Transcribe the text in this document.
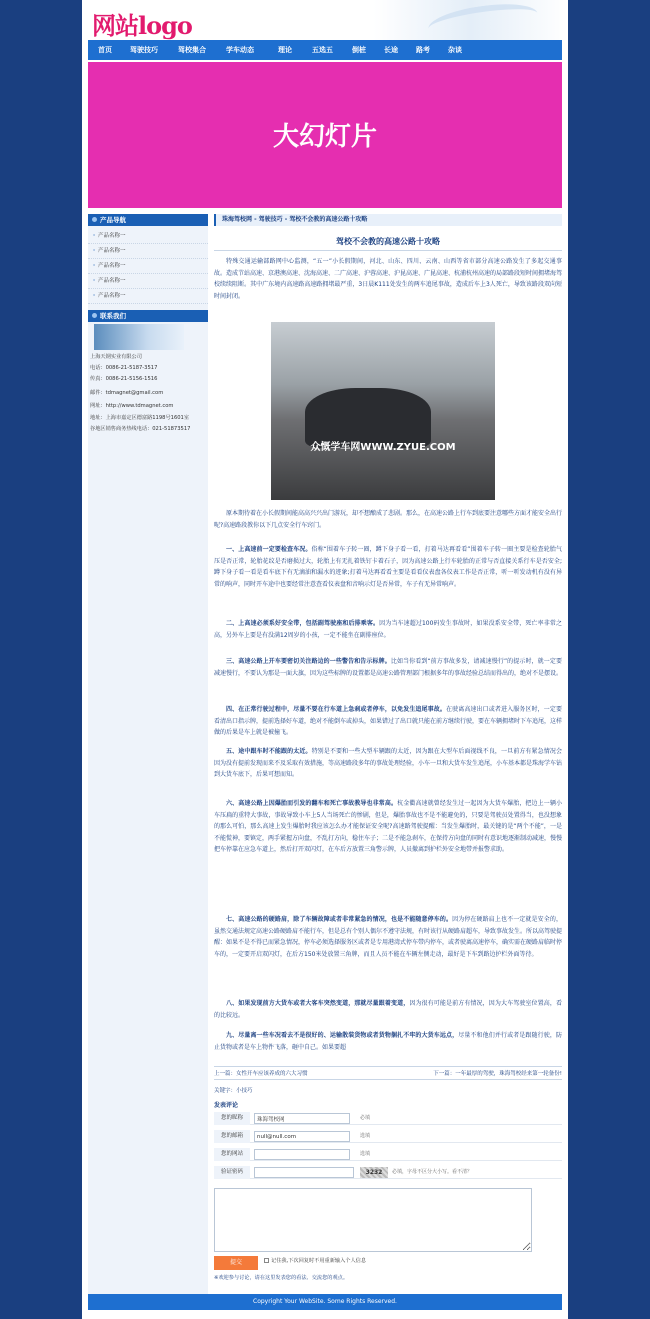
网站logo
首页	驾驶技巧	驾校集合	学车动态	理论	五选五	倒桩	长途	路考	杂谈
大幻灯片
产品导航
· 产品名称一
· 产品名称一
· 产品名称一
· 产品名称一
· 产品名称一
联系我们
上海天钢实业有限公司
电话：0086-21-5187-3517
传真：0086-21-5156-1516
邮件：tdmagnet@gmail.com
网址：http://www.tdmagnet.com
地址：上海市嘉定区德富路1198号1601室
谷地区销售商务热线电话：021-51873517
珠海驾校网 - 驾驶技巧 - 驾校不会教的高速公路十攻略
驾校不会教的高速公路十攻略
特殊交通运输部路网中心监测，“五一”小长假期间，河北、山东、四川、云南、山西等省市部分高速公路发生了多起交通事故。造成节站高速、京港澳高速、沈海高速、二广高速、沪蓉高速、沪昆高速、广昆高速、杭浦杭州高速的局部路段短时间拥堵海驾校续续阻断。其中广东境内高速路高速路拥堵最严重，3日晨K111处发生的两车追尾事故，造成后车上3人死亡，导致该路段双向短时间封闭。
众慨学车网WWW.ZYUE.COM
原本期待着在小长假期间能高高兴兴出门游玩，却不想酿成了悲剧。那么，在高速公路上行车到底要注意哪些方面才能安全出行呢?高速路段教你以下几点安全行车窍门。
一、上高速前一定要检查车况。俗称“围着车子转一圈，蹲下身子看一看，打着马达再看看”围着车子转一圈主要是检查轮胎气压是否正常，轮胎花纹是否磨损过大，轮胎上有无扎着铁钉卡着石子，因为高速公路上行车轮胎的正常与否直接关系行车是否安全;蹲下身子看一看是看车底下有无滴油和漏水的迹象;打着马达再看看主要是看看仪表盘各仪表工作是否正常，听一听发动机有没有异常的响声，同时开车途中也要经常注意查看仪表盘和音响示灯是否异常，车子有无异常响声。
二、上高速必须系好安全带，包括副驾驶座和后排乘客。因为当车速超过100码发生事故时，如果没系安全带，死亡率非常之高，另外车上要是有没满12周岁的小孩，一定不能坐在副排座位。
三、高速公路上开车要密切关注路边的一些警告和告示标牌。比如当你看到“前方事故多发，请减速慢行”的提示时，就一定要减速慢行，不要认为那是一面大旗，因为这些标牌的设置都是高速公路管理部门根据多年的事故经验总结而得出的，绝对不是摆设。
四、在正常行驶过程中，尽量不要在行车道上急刹或者停车，以免发生追尾事故。在驶离高速出口或者进入服务区时，一定要看清出口指示牌，提前选择好车道，绝对不能倒车或掉头，如果错过了出口就只能在前方继续行驶，要在车辆拥堵时下车追尾，这样做的后果是车上就是被撞飞。
五、途中跟车时不能跟的太近。特别是不要和一些大型车辆跟的太近，因为跟在大型车后面视线不良，一旦前方有紧急情况会因为没有提前发现而来不及采取有效措施，等高速路段多年的事故处理经验，小车一旦和大货车发生追尾，小车基本都是珠海学车钻到大货车底下，后果可想而知。
六、高速公路上因爆胎而引发的翻车和死亡事故教导也非常高。杭金衢高速就曾经发生过一起因为大货车爆胎，把边上一辆小车压扁的重特大事故，事故导致小车上5人当场死亡的惨剧，但是，爆胎事故也不是不能避免的，只要是驾驶员处置得当，也没想象的那么可怕，那么高速上发生爆胎时我应该怎么办才能保证安全呢?高速路驾驶提醒：当发生爆胎时，最关键的是“两个不能”，一是不能慌神，要镇定，两手紧握方向盘，不乱打方向，稳住车子；二是不能急刹车，在保持方向盘的同时有意识地逐渐制动减速，慢慢把车停靠在应急车道上，然后打开双闪灯，在车后方放置三角警示牌，人员撤离到护栏外安全地带并报警求助。
七、高速公路的硬路肩，除了车辆故障或者非常紧急的情况，也是不能随意停车的。因为停在硬路肩上也不一定就是安全的，虽然交通法规定高速公路硬路肩不能行车，但是总有个别人偶尔不遵守法规，有时该行从硬路肩超车，导致事故发生。所以高驾驶提醒：如果不是不得已而紧急情况，停车必须选择服务区或者是专用港湾式停车带内停车，或者驶离高速停车，确实需在硬路肩临时停车的，一定要开启双闪灯，在后方150米处放置三角牌，而且人员不能在车辆左侧走动，最好是下车到路边护栏外面等待。
八、如果发现前方大货车或者大客车突然变道，那就尽量跟着变道，因为很有可能是前方有情况，因为大车驾驶室位置高，看的比较远。
九、尽量离一些车况看去不是很好的、运输散装货物或者货物捆扎不牢的大货车远点，尽量不和他们并行或者是跟随行驶，防止货物或者是车上物件飞落，砸中自己。如果要超
上一篇：女性开车应该养成的六大习惯	下一篇：一年最厚的驾驶，珠海驾校经来第一轮备份!
关键字：小技巧
发表评论
您的昵称
珠海驾校网	必填
您的邮箱
null@null.com	选填
您的网站	选填
验证密码	3232	必填，字母不区分大小写。看不清？
提交	记住我,下次回复时不用重新输入个人信息
※欢迎参与讨论，请在这里发表您的看法、交流您的观点。
Copyright Your WebSite. Some Rights Reserved.
